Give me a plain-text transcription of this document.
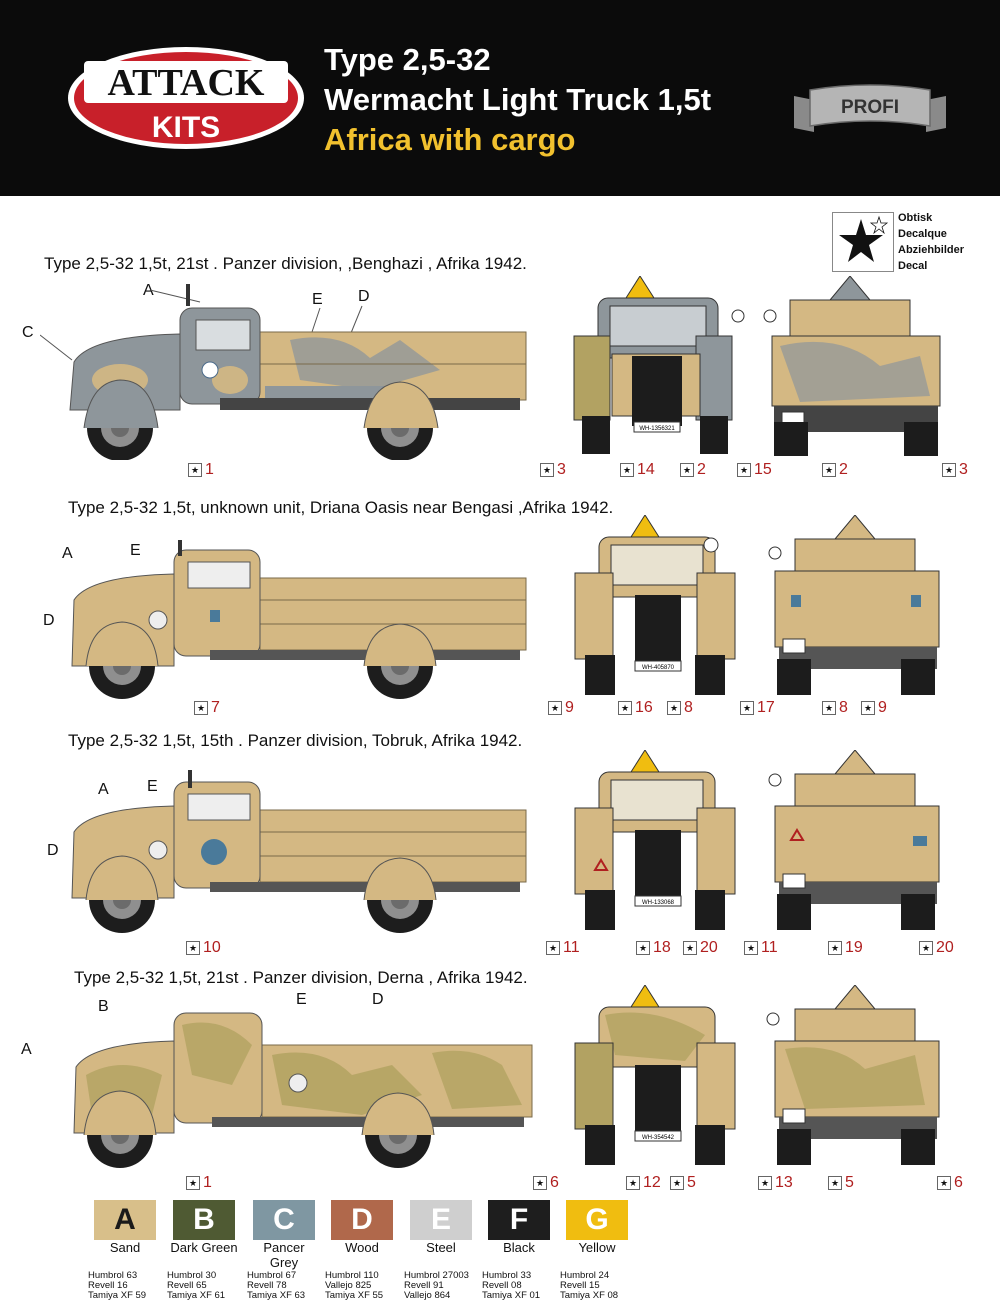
ATTACK
KITS
Type 2,5-32
Wermacht Light Truck 1,5t
Africa with cargo
PROFI
Obtisk
Decalque
Abziehbilder
Decal
Type 2,5-32 1,5t, 21st . Panzer division, ,Benghazi , Afrika 1942.
A
C
E D
WH-1356321
★ 1	★ 3	★ 14	★ 2	★ 15	★ 2	★ 3
Type 2,5-32 1,5t, unknown unit, Driana Oasis near Bengasi ,Afrika 1942.
A	E
D
WH-405870
★ 7	★ 9	★ 16	★ 8	★ 17	★ 8	★ 9
Type 2,5-32 1,5t, 15th . Panzer division, Tobruk, Afrika 1942.
A E
D
WH-133068
★ 10	★ 11	★ 18	★ 20	★ 11	★ 19	★ 20
Type 2,5-32 1,5t, 21st . Panzer division, Derna , Afrika 1942.
B	E	D
A
WH-354542
★ 1	★ 6	★ 12	★ 5	★ 13	★ 5	★ 6
A
Sand
Humbrol 63
Revell 16
Tamiya XF 59
B
Dark Green
Humbrol 30
Revell 65
Tamiya XF 61
C
Pancer Grey
Humbrol 67
Revell 78
Tamiya XF 63
D
Wood
Humbrol 110
Vallejo 825
Tamiya XF 55
E
Steel
Humbrol 27003
Revell 91
Vallejo 864
F
Black
Humbrol 33
Revell 08
Tamiya XF 01
G
Yellow
Humbrol 24
Revell 15
Tamiya XF 08
